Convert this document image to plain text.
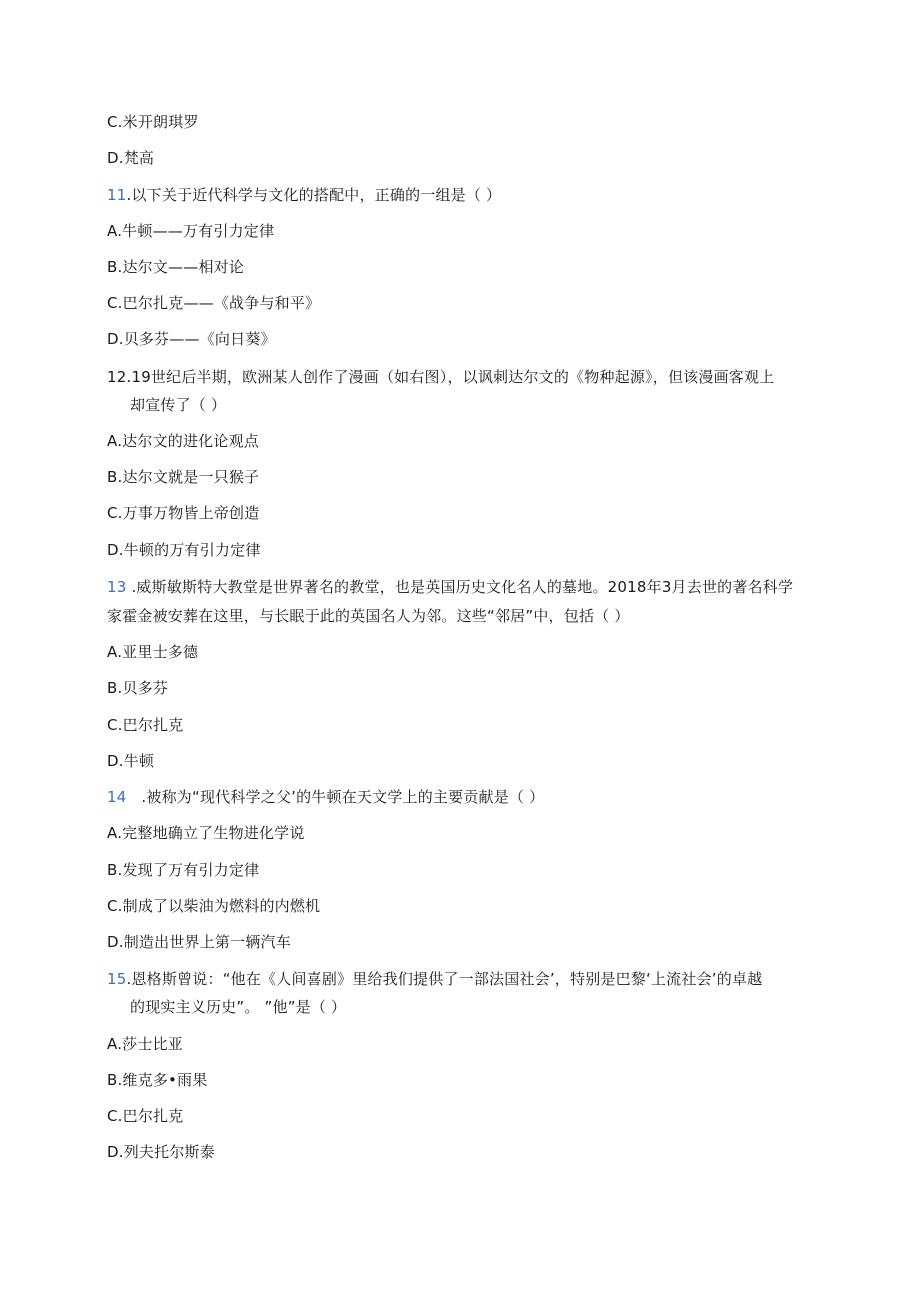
C.米开朗琪罗
D.梵高
11.以下关于近代科学与文化的搭配中，正确的一组是（ ）
A.牛顿——万有引力定律
B.达尔文——相对论
C.巴尔扎克——《战争与和平》
D.贝多芬——《向日葵》
12.19世纪后半期，欧洲某人创作了漫画（如右图），以讽刺达尔文的《物种起源》，但该漫画客观上
却宣传了（ ）
A.达尔文的进化论观点
B.达尔文就是一只猴子
C.万事万物皆上帝创造
D.牛顿的万有引力定律
13 .威斯敏斯特大教堂是世界著名的教堂，也是英国历史文化名人的墓地。2018年3月去世的著名科学
家霍金被安葬在这里，与长眠于此的英国名人为邻。这些“邻居”中，包括（ ）
A.亚里士多德
B.贝多芬
C.巴尔扎克
D.牛顿
14   .被称为“现代科学之父’的牛顿在天文学上的主要贡献是（ ）
A.完整地确立了生物进化学说
B.发现了万有引力定律
C.制成了以柴油为燃料的内燃机
D.制造出世界上第一辆汽车
15.恩格斯曾说：“他在《人间喜剧》里给我们提供了一部法国社会’，特别是巴黎‘上流社会’的卓越
的现实主义历史”。 ”他”是（ ）
A.莎士比亚
B.维克多•雨果
C.巴尔扎克
D.列夫托尔斯泰
